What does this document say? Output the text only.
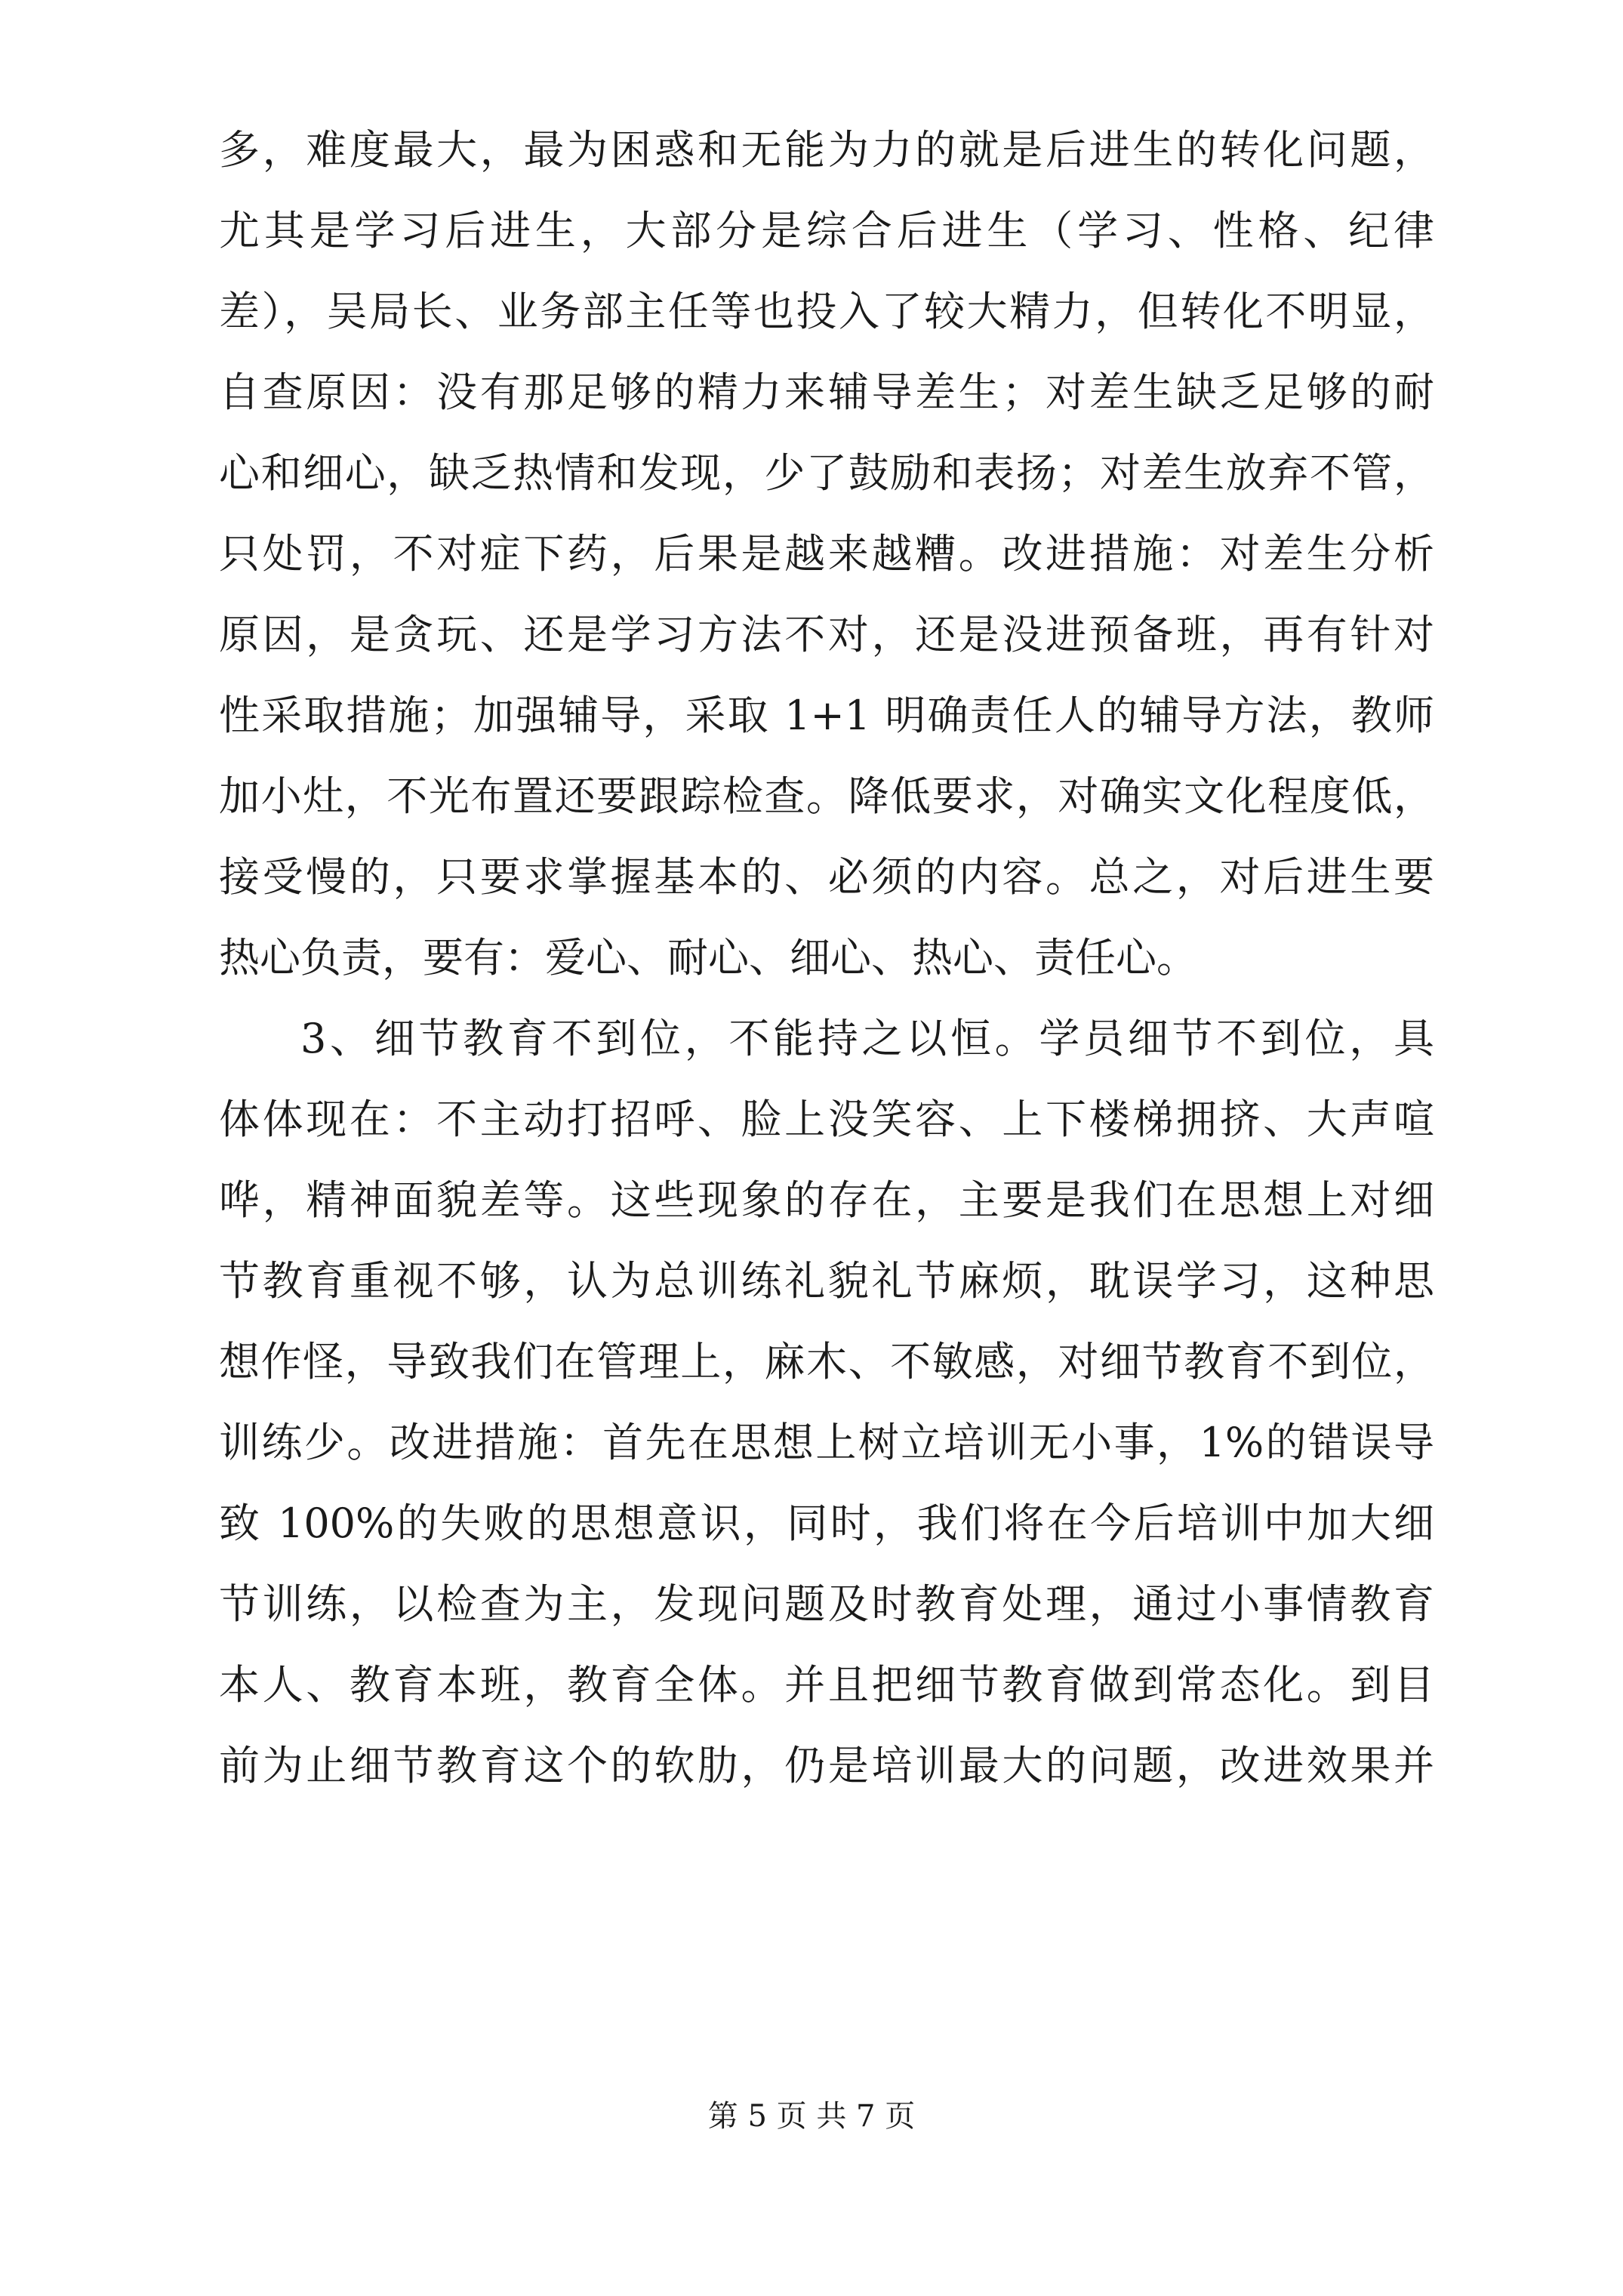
多，难度最大，最为困惑和无能为力的就是后进生的转化问题，
尤其是学习后进生，大部分是综合后进生（学习、性格、纪律
差），吴局长、业务部主任等也投入了较大精力，但转化不明显，
自查原因：没有那足够的精力来辅导差生；对差生缺乏足够的耐
心和细心，缺乏热情和发现，少了鼓励和表扬；对差生放弃不管，
只处罚，不对症下药，后果是越来越糟。改进措施：对差生分析
原因，是贪玩、还是学习方法不对，还是没进预备班，再有针对
性采取措施；加强辅导，采取 1+1 明确责任人的辅导方法，教师
加小灶，不光布置还要跟踪检查。降低要求，对确实文化程度低，
接受慢的，只要求掌握基本的、必须的内容。总之，对后进生要
热心负责，要有：爱心、耐心、细心、热心、责任心。
3、细节教育不到位，不能持之以恒。学员细节不到位，具
体体现在：不主动打招呼、脸上没笑容、上下楼梯拥挤、大声喧
哗，精神面貌差等。这些现象的存在，主要是我们在思想上对细
节教育重视不够，认为总训练礼貌礼节麻烦，耽误学习，这种思
想作怪，导致我们在管理上，麻木、不敏感，对细节教育不到位，
训练少。改进措施：首先在思想上树立培训无小事，1%的错误导
致 100%的失败的思想意识，同时，我们将在今后培训中加大细
节训练，以检查为主，发现问题及时教育处理，通过小事情教育
本人、教育本班，教育全体。并且把细节教育做到常态化。到目
前为止细节教育这个的软肋，仍是培训最大的问题，改进效果并
第 5 页 共 7 页
